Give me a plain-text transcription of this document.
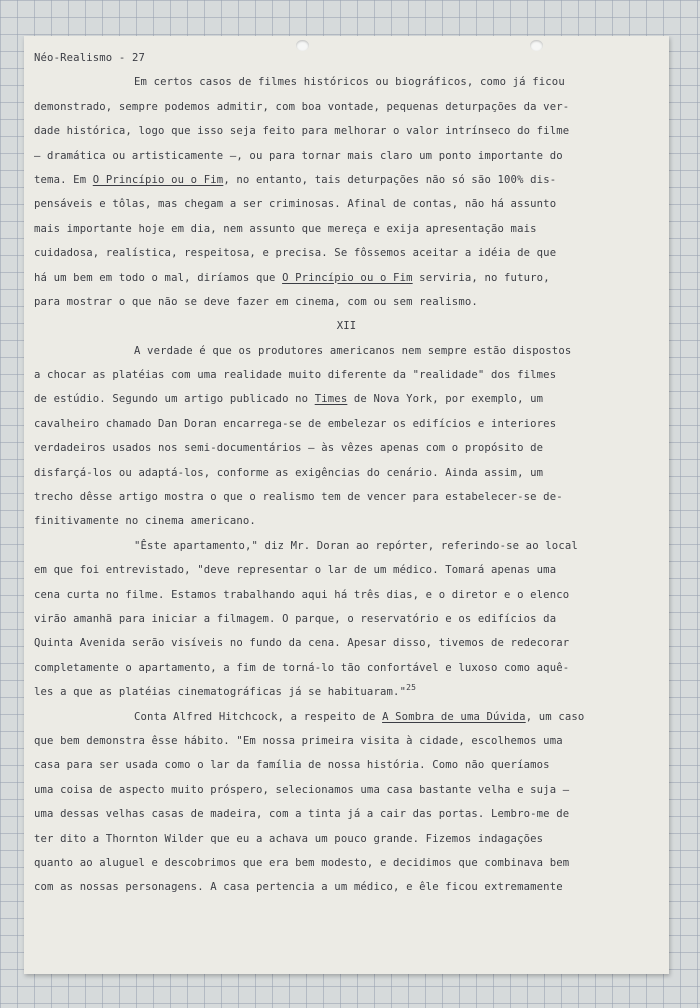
Néo-Realismo - 27
Em certos casos de filmes históricos ou biográficos, como já ficou
demonstrado, sempre podemos admitir, com boa vontade, pequenas deturpações da ver-
dade histórica, logo que isso seja feito para melhorar o valor intrínseco do filme
— dramática ou artisticamente —, ou para tornar mais claro um ponto importante do
tema. Em O Princípio ou o Fim, no entanto, tais deturpações não só são 100% dis-
pensáveis e tôlas, mas chegam a ser criminosas. Afinal de contas, não há assunto
mais importante hoje em dia, nem assunto que mereça e exija apresentação mais
cuidadosa, realística, respeitosa, e precisa. Se fôssemos aceitar a idéia de que
há um bem em todo o mal, diríamos que O Princípio ou o Fim serviria, no futuro,
para mostrar o que não se deve fazer em cinema, com ou sem realismo.
XII
A verdade é que os produtores americanos nem sempre estão dispostos
a chocar as platéias com uma realidade muito diferente da "realidade" dos filmes
de estúdio. Segundo um artigo publicado no Times de Nova York, por exemplo, um
cavalheiro chamado Dan Doran encarrega-se de embelezar os edifícios e interiores
verdadeiros usados nos semi-documentários — às vêzes apenas com o propósito de
disfarçá-los ou adaptá-los, conforme as exigências do cenário. Ainda assim, um
trecho dêsse artigo mostra o que o realismo tem de vencer para estabelecer-se de-
finitivamente no cinema americano.
"Êste apartamento," diz Mr. Doran ao repórter, referindo-se ao local
em que foi entrevistado, "deve representar o lar de um médico. Tomará apenas uma
cena curta no filme. Estamos trabalhando aqui há três dias, e o diretor e o elenco
virão amanhã para iniciar a filmagem. O parque, o reservatório e os edifícios da
Quinta Avenida serão visíveis no fundo da cena. Apesar disso, tivemos de redecorar
completamente o apartamento, a fim de torná-lo tão confortável e luxoso como aquê-
les a que as platéias cinematográficas já se habituaram."$^{25}$
Conta Alfred Hitchcock, a respeito de A Sombra de uma Dúvida, um caso
que bem demonstra êsse hábito. "Em nossa primeira visita à cidade, escolhemos uma
casa para ser usada como o lar da família de nossa história. Como não queríamos
uma coisa de aspecto muito próspero, selecionamos uma casa bastante velha e suja —
uma dessas velhas casas de madeira, com a tinta já a cair das portas. Lembro-me de
ter dito a Thornton Wilder que eu a achava um pouco grande. Fizemos indagações
quanto ao aluguel e descobrimos que era bem modesto, e decidimos que combinava bem
com as nossas personagens. A casa pertencia a um médico, e êle ficou extremamente
